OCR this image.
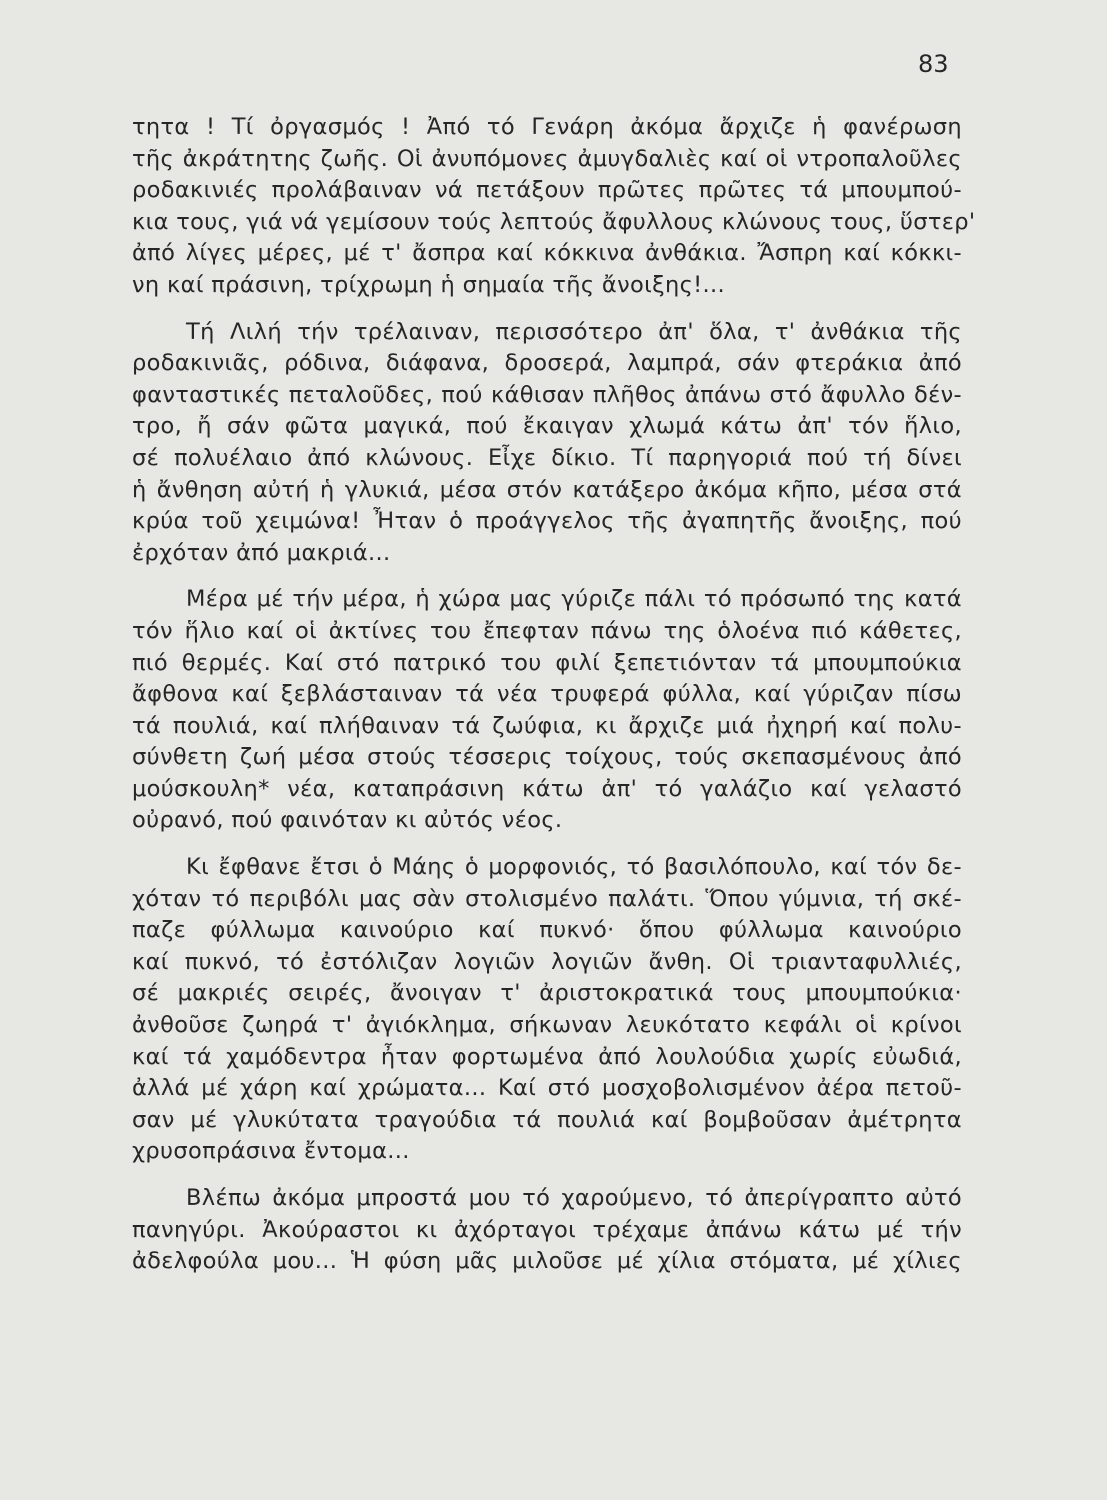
83

τητα ! Τί ὀργασμός ! Ἀπό τό Γενάρη ἀκόμα ἄρχιζε ἡ φανέρωση
τῆς ἀκράτητης ζωῆς. Οἱ ἀνυπόμονες ἀμυγδαλιὲς καί οἱ ντροπαλοῦλες
ροδακινιές προλάβαιναν νά πετάξουν πρῶτες πρῶτες τά μπουμπού-
κια τους, γιά νά γεμίσουν τούς λεπτούς ἄφυλλους κλώνους τους, ὕστερ'
ἀπό λίγες μέρες, μέ τ' ἄσπρα καί κόκκινα ἀνθάκια. Ἄσπρη καί κόκκι-
νη καί πράσινη, τρίχρωμη ἡ σημαία τῆς ἄνοιξης!...

Τή Λιλή τήν τρέλαιναν, περισσότερο ἀπ' ὅλα, τ' ἀνθάκια τῆς
ροδακινιᾶς, ρόδινα, διάφανα, δροσερά, λαμπρά, σάν φτεράκια ἀπό
φανταστικές πεταλοῦδες, πού κάθισαν πλῆθος ἀπάνω στό ἄφυλλο δέν-
τρο, ἤ σάν φῶτα μαγικά, πού ἔκαιγαν χλωμά κάτω ἀπ' τόν ἥλιο,
σέ πολυέλαιο ἀπό κλώνους. Εἶχε δίκιο. Τί παρηγοριά πού τή δίνει
ἡ ἄνθηση αὐτή ἡ γλυκιά, μέσα στόν κατάξερο ἀκόμα κῆπο, μέσα στά
κρύα τοῦ χειμώνα! Ἦταν ὁ προάγγελος τῆς ἀγαπητῆς ἄνοιξης, πού
ἐρχόταν ἀπό μακριά...

Μέρα μέ τήν μέρα, ἡ χώρα μας γύριζε πάλι τό πρόσωπό της κατά
τόν ἥλιο καί οἱ ἀκτίνες του ἔπεφταν πάνω της ὁλοένα πιό κάθετες,
πιό θερμές. Καί στό πατρικό του φιλί ξεπετιόνταν τά μπουμπούκια
ἄφθονα καί ξεβλάσταιναν τά νέα τρυφερά φύλλα, καί γύριζαν πίσω
τά πουλιά, καί πλήθαιναν τά ζωύφια, κι ἄρχιζε μιά ἠχηρή καί πολυ-
σύνθετη ζωή μέσα στούς τέσσερις τοίχους, τούς σκεπασμένους ἀπό
μούσκουλη* νέα, καταπράσινη κάτω ἀπ' τό γαλάζιο καί γελαστό
οὐρανό, πού φαινόταν κι αὐτός νέος.

Κι ἔφθανε ἔτσι ὁ Μάης ὁ μορφονιός, τό βασιλόπουλο, καί τόν δε-
χόταν τό περιβόλι μας σὰν στολισμένο παλάτι. Ὅπου γύμνια, τή σκέ-
παζε φύλλωμα καινούριο καί πυκνό· ὅπου φύλλωμα καινούριο
καί πυκνό, τό ἐστόλιζαν λογιῶν λογιῶν ἄνθη. Οἱ τριανταφυλλιές,
σέ μακριές σειρές, ἄνοιγαν τ' ἀριστοκρατικά τους μπουμπούκια·
ἀνθοῦσε ζωηρά τ' ἀγιόκλημα, σήκωναν λευκότατο κεφάλι οἱ κρίνοι
καί τά χαμόδεντρα ἦταν φορτωμένα ἀπό λουλούδια χωρίς εὐωδιά,
ἀλλά μέ χάρη καί χρώματα... Καί στό μοσχοβολισμένον ἀέρα πετοῦ-
σαν μέ γλυκύτατα τραγούδια τά πουλιά καί βομβοῦσαν ἀμέτρητα
χρυσοπράσινα ἔντομα...

Βλέπω ἀκόμα μπροστά μου τό χαρούμενο, τό ἀπερίγραπτο αὐτό
πανηγύρι. Ἀκούραστοι κι ἀχόρταγοι τρέχαμε ἀπάνω κάτω μέ τήν
ἀδελφούλα μου... Ἡ φύση μᾶς μιλοῦσε μέ χίλια στόματα, μέ χίλιες
